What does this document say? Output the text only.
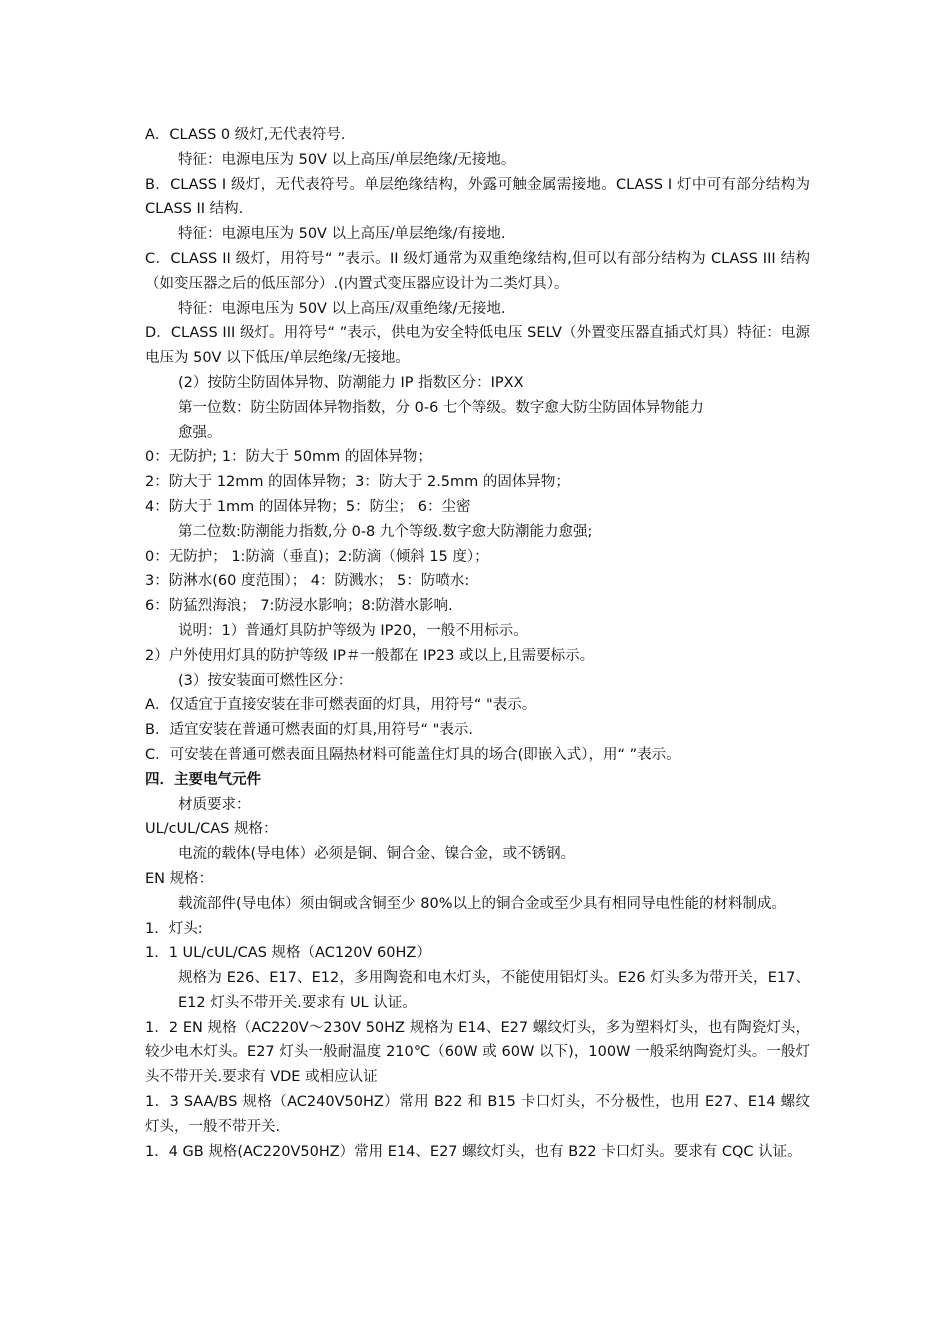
A．CLASS 0 级灯,无代表符号.

特征：电源电压为 50V 以上高压/单层绝缘/无接地。

B．CLASS I 级灯，无代表符号。单层绝缘结构，外露可触金属需接地。CLASS I 灯中可有部分结构为 CLASS II 结构.

特征：电源电压为 50V 以上高压/单层绝缘/有接地.

C．CLASS II 级灯，用符号“ ”表示。II 级灯通常为双重绝缘结构,但可以有部分结构为 CLASS III 结构（如变压器之后的低压部分）.(内置式变压器应设计为二类灯具）。

特征：电源电压为 50V 以上高压/双重绝缘/无接地.

D．CLASS III 级灯。用符号“ ”表示，供电为安全特低电压 SELV（外置变压器直插式灯具）特征：电源电压为 50V 以下低压/单层绝缘/无接地。

(2）按防尘防固体异物、防潮能力 IP 指数区分：IPXX

第一位数：防尘防固体异物指数，分 0-6 七个等级。数字愈大防尘防固体异物能力

愈强。

0：无防护; 1：防大于 50mm 的固体异物；

2：防大于 12mm 的固体异物；3：防大于 2.5mm 的固体异物；

4：防大于 1mm 的固体异物；5：防尘； 6：尘密

第二位数:防潮能力指数,分 0-8 九个等级.数字愈大防潮能力愈强;

0：无防护； 1:防滴（垂直)；2:防滴（倾斜 15 度）；

3：防淋水(60 度范围）； 4：防溅水； 5：防喷水:

6：防猛烈海浪； 7:防浸水影响；8:防潜水影响.

说明：1）普通灯具防护等级为 IP20，一般不用标示。

2）户外使用灯具的防护等级 IP＃一般都在 IP23 或以上,且需要标示。

(3）按安装面可燃性区分：

A．仅适宜于直接安装在非可燃表面的灯具，用符号“ "表示。

B．适宜安装在普通可燃表面的灯具,用符号“ "表示.

C．可安装在普通可燃表面且隔热材料可能盖住灯具的场合(即嵌入式），用“ ”表示。

四．主要电气元件

材质要求：

UL/cUL/CAS 规格：

电流的载体(导电体）必须是铜、铜合金、镍合金，或不锈钢。

EN 规格：

载流部件(导电体）须由铜或含铜至少 80%以上的铜合金或至少具有相同导电性能的材料制成。

1．灯头:

1．1 UL/cUL/CAS 规格（AC120V 60HZ）

规格为 E26、E17、E12，多用陶瓷和电木灯头，不能使用铝灯头。E26 灯头多为带开关，E17、E12 灯头不带开关.要求有 UL 认证。

1．2 EN 规格（AC220V～230V 50HZ 规格为 E14、E27 螺纹灯头，多为塑料灯头，也有陶瓷灯头，较少电木灯头。E27 灯头一般耐温度 210℃（60W 或 60W 以下)，100W 一般采纳陶瓷灯头。一般灯头不带开关.要求有 VDE 或相应认证

1．3 SAA/BS 规格（AC240V50HZ）常用 B22 和 B15 卡口灯头，不分极性，也用 E27、E14 螺纹灯头，一般不带开关.

1．4 GB 规格(AC220V50HZ）常用 E14、E27 螺纹灯头，也有 B22 卡口灯头。要求有 CQC 认证。
